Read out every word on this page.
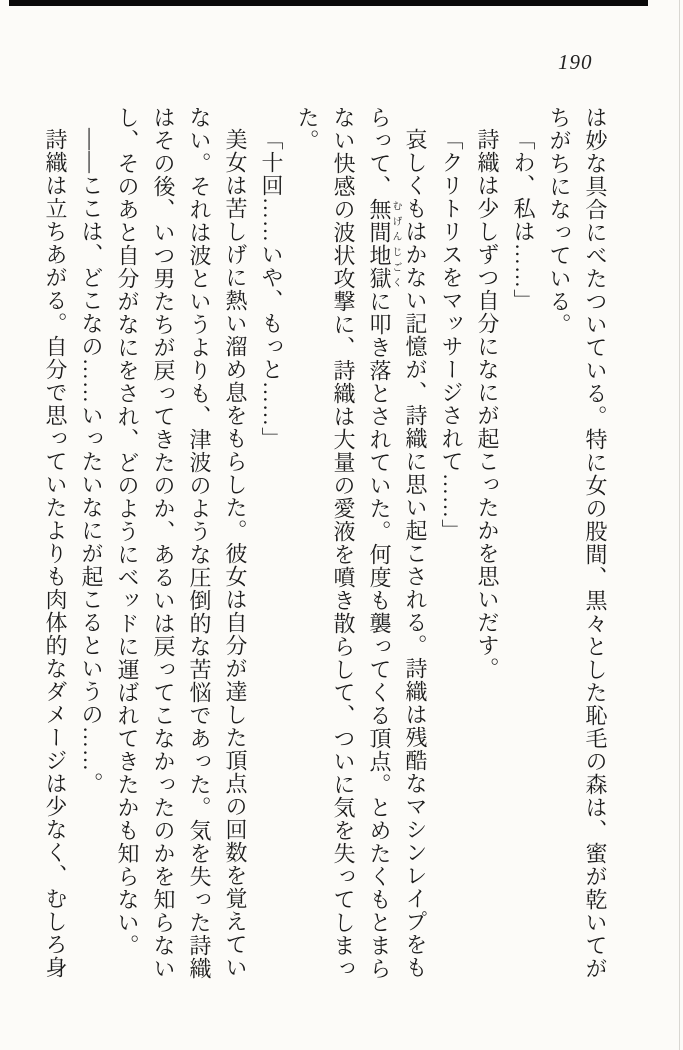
190

は妙な具合にべたついている。特に女の股間、黒々とした恥毛の森は、蜜が乾いてがちがちになっている。

「わ、私は……」

詩織は少しずつ自分になにが起こったかを思いだす。

「クリトリスをマッサージされて……」

哀しくもはかない記憶が、詩織に思い起こされる。詩織は残酷なマシンレイプをもらって、無間地獄むげんじごくに叩き落とされていた。何度も襲ってくる頂点。とめたくもとまらない快感の波状攻撃に、詩織は大量の愛液を噴き散らして、ついに気を失ってしまった。

「十回……いや、もっと……」

美女は苦しげに熱い溜め息をもらした。彼女は自分が達した頂点の回数を覚えていない。それは波というよりも、津波のような圧倒的な苦悩であった。気を失った詩織はその後、いつ男たちが戻ってきたのか、あるいは戻ってこなかったのかを知らないし、そのあと自分がなにをされ、どのようにベッドに運ばれてきたかも知らない。

――ここは、どこなの……いったいなにが起こるというの……。

詩織は立ちあがる。自分で思っていたよりも肉体的なダメージは少なく、むしろ身
